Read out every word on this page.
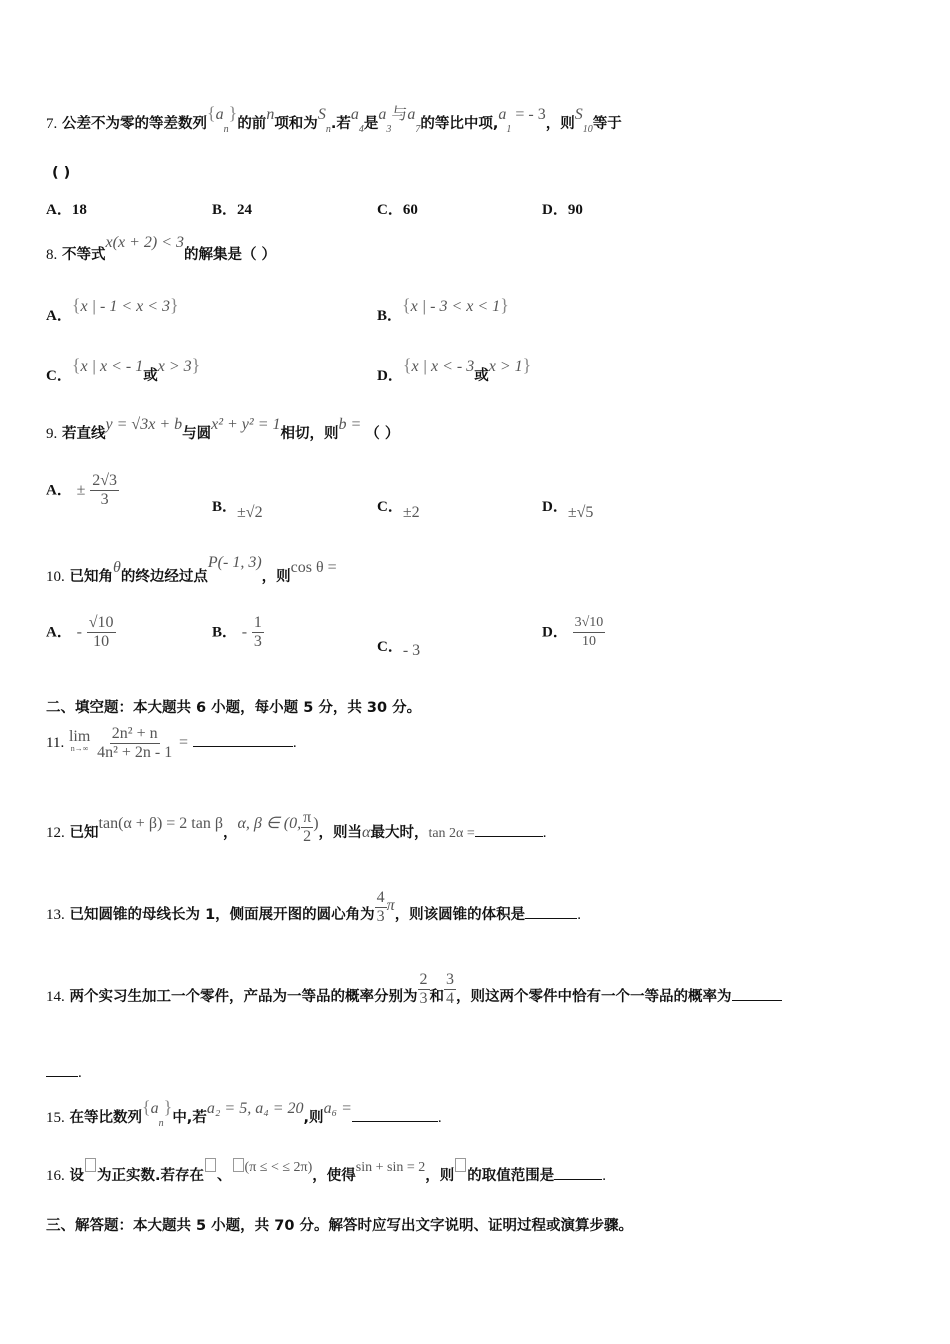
7. 公差不为零的等差数列$\{a_n\}$的前n项和为$S_n$.若$a_4$是$a_3$与$a_7$的等比中项$,a_1$ = - 3，则$S_{10}$等于
( )
A．18	B．24	C．60	D．90
8. 不等式x(x + 2) < 3的解集是（ ）
A．{x | - 1 < x < 3}
B．{x | - 3 < x < 1}
C．{x | x < - 1或x > 3}
D．{x | x < - 3或x > 1}
9. 若直线y = √3x + b与圆x² + y² = 1相切，则b = （ ）
A． ± $\frac{2√3}{3}$	B．±√2	C．±2	D．±√5
10. 已知角θ的终边经过点P(- 1, 3)，则cos θ =
A． - $\frac{√10}{10}$	B． - $\frac{1}{3}$	C．- 3
D． $\frac{3√10}{10}$
二、填空题：本大题共 6 小题，每小题 5 分，共 30 分。
11. lim
n→∞
$\frac{\text{2n² + n}}{\text{4n² + 2n - 1}}$ =	.
12. 已知tan(α + β) = 2 tan β，α, β ∈ (0, $\frac{\pi}{2}$ )，则当α最大时，tan 2α =	.
13. 已知圆锥的母线长为 1，侧面展开图的圆心角为 $\frac{4}{3}$ π，则该圆锥的体积是	.
14. 两个实习生加工一个零件，产品为一等品的概率分别为 $\frac{2}{3}$ 和 $\frac{3}{4}$ ，则这两个零件中恰有一个一等品的概率为
.
15. 在等比数列$\{a_n\}$中,若a₂ = 5, a₄ = 20,则a₆ =.
16. 设 为正实数.若存在 、(π ≤ < ≤ 2π)，使得sin + sin = 2，则 的取值范围是	.
三、解答题：本大题共 5 小题，共 70 分。解答时应写出文字说明、证明过程或演算步骤。
